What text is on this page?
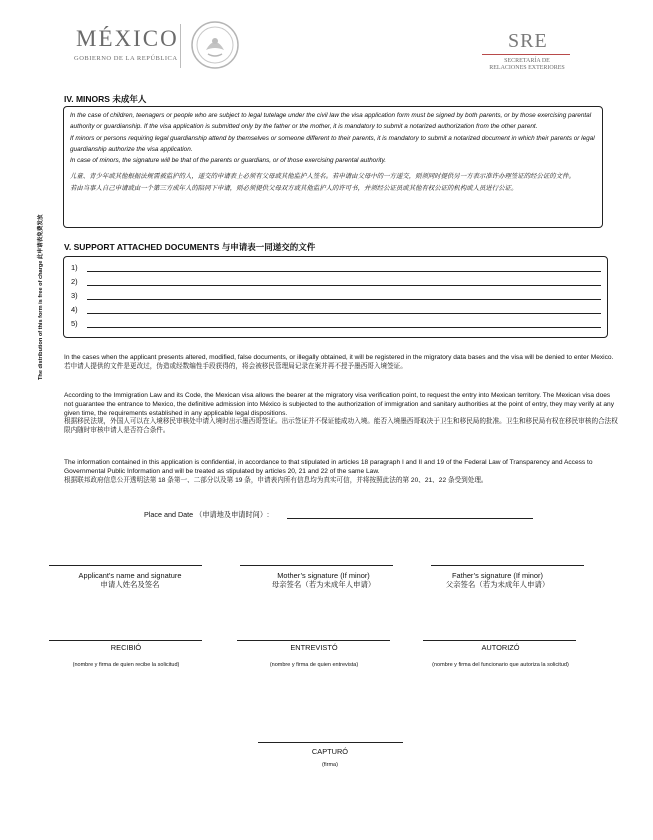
MÉXICO
GOBIERNO DE LA REPÚBLICA
SRE
SECRETARÍA DE
RELACIONES EXTERIORES
The distribution of this form is free of charge 此申请表免费发放
IV. MINORS 未成年人
In the case of children, teenagers or people who are subject to legal tutelage under the civil law the visa application form must be signed by both parents, or by those exercising parental authority or guardianship. If the visa application is submitted only by the father or the mother, it is mandatory to submit a notarized authorization from the other parent.
If minors or persons requiring legal guardianship attend by themselves or someone different to their parents, it is mandatory to submit a notarized document in which their parents or legal guardianship authorize the visa application.
In case of minors, the signature will be that of the parents or guardians, or of those exercising parental authority.
儿童、青少年或其他根据法规需被监护的人，递交的申请表上必须有父母或其他监护人签名。若申请由父母中的一方递交，则须同时提供另一方表示准许办理签证的经公证的文件。
若由当事人自己申请或由一个第三方成年人的陪同下申请，则必须提供父母双方或其他监护人的许可书，并须经公证员或其他有权公证的机构或人员进行公证。
V. SUPPORT ATTACHED DOCUMENTS 与申请表一同递交的文件
1)
2)
3)
4)
5)
In the cases when the applicant presents altered, modified, false documents, or illegally obtained, it will be registered in the migratory data bases and the visa will be denied to enter Mexico.
若申请人提供的文件是更改过，伪造或经数编性手段获得的，将会被移民管理局记录在案并再不授予墨西哥入境签证。
According to the Immigration Law and its Code, the Mexican visa allows the bearer at the migratory visa verification point, to request the entry into Mexican territory. The Mexican visa does not guarantee the entrance to Mexico, the definitive admission into México is subjected to the authorization of immigration and sanitary authorities at the point of entry, they may verify at any given time, the requirements established in any applicable legal dispositions.
根据移民法规，外国人可以在入境移民审核处申请入境时出示墨西哥签证。出示签证并不保证能成功入境。能否入境墨西哥取决于卫生和移民局的批准。卫生和移民局有权在移民审核的合法权限内随时审核申请人是否符合条件。
The information contained in this application is confidential, in accordance to that stipulated in articles 18 paragraph I and II and 19 of the Federal Law of Transparency and Access to Governmental Public Information and will be treated as stipulated by articles 20, 21 and 22 of the same Law.
根据联邦政府信息公开透明法第 18 条第一、二部分以及第 19 条，申请表内所有信息均为真实可信，并将按照此法的第 20、21、22 条受到处理。
Place and Date （申请地及申请时间）:
Applicant's name and signature
申请人姓名及签名
Mother’s signature (If minor)
母亲签名（若为未成年人申请）
Father’s signature (If minor)
父亲签名（若为未成年人申请）
RECIBIÓ
(nombre y firma de quien recibe la solicitud)
ENTREVISTÓ
(nombre y firma de quien entrevista)
AUTORIZÓ
(nombre y firma del funcionario que autoriza la solicitud)
CAPTURÓ
(firma)
